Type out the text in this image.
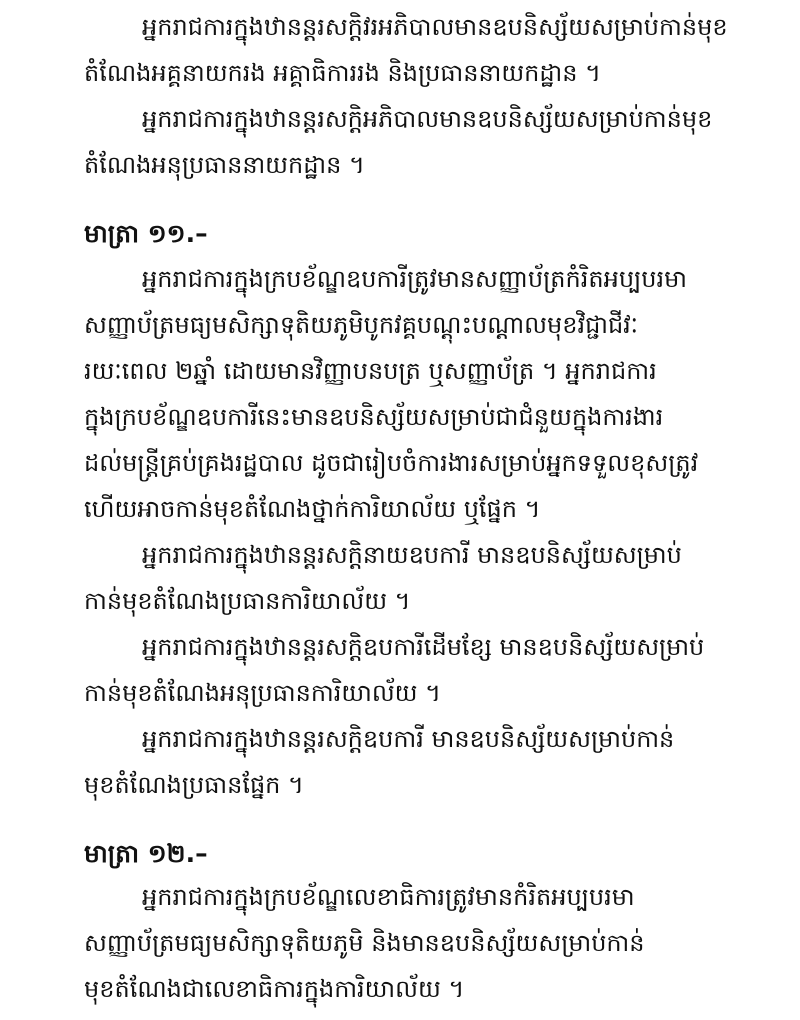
អ្នករាជការក្នុងឋានន្តរសក្តិវរអភិបាលមានឧបនិស្ស័យសម្រាប់កាន់មុខ
តំណែងអគ្គនាយករង អគ្គាធិការរង និងប្រធាននាយកដ្ឋាន ។
អ្នករាជការក្នុងឋានន្តរសក្តិអភិបាលមានឧបនិស្ស័យសម្រាប់កាន់មុខ
តំណែងអនុប្រធាននាយកដ្ឋាន ។
មាត្រា ១១.–
អ្នករាជការក្នុងក្របខ័ណ្ឌឧបការីត្រូវមានសញ្ញាប័ត្រកំរិតអប្បបរមា
សញ្ញាប័ត្រមធ្យមសិក្សាទុតិយភូមិបូកវគ្គបណ្តុះបណ្តាលមុខវិជ្ជាជីវៈ
រយៈពេល ២ឆ្នាំ ដោយមានវិញ្ញាបនបត្រ ឬសញ្ញាប័ត្រ ។ អ្នករាជការ
ក្នុងក្របខ័ណ្ឌឧបការីនេះមានឧបនិស្ស័យសម្រាប់ជាជំនួយក្នុងការងារ
ដល់មន្ត្រីគ្រប់គ្រងរដ្ឋបាល ដូចជារៀបចំការងារសម្រាប់អ្នកទទួលខុសត្រូវ
ហើយអាចកាន់មុខតំណែងថ្នាក់ការិយាល័យ ឬផ្នែក ។
អ្នករាជការក្នុងឋានន្តរសក្តិនាយឧបការី មានឧបនិស្ស័យសម្រាប់
កាន់មុខតំណែងប្រធានការិយាល័យ ។
អ្នករាជការក្នុងឋានន្តរសក្តិឧបការីដើមខ្សែ មានឧបនិស្ស័យសម្រាប់
កាន់មុខតំណែងអនុប្រធានការិយាល័យ ។
អ្នករាជការក្នុងឋានន្តរសក្តិឧបការី មានឧបនិស្ស័យសម្រាប់កាន់
មុខតំណែងប្រធានផ្នែក ។
មាត្រា ១២.–
អ្នករាជការក្នុងក្របខ័ណ្ឌលេខាធិការត្រូវមានកំរិតអប្បបរមា
សញ្ញាប័ត្រមធ្យមសិក្សាទុតិយភូមិ និងមានឧបនិស្ស័យសម្រាប់កាន់
មុខតំណែងជាលេខាធិការក្នុងការិយាល័យ ។
